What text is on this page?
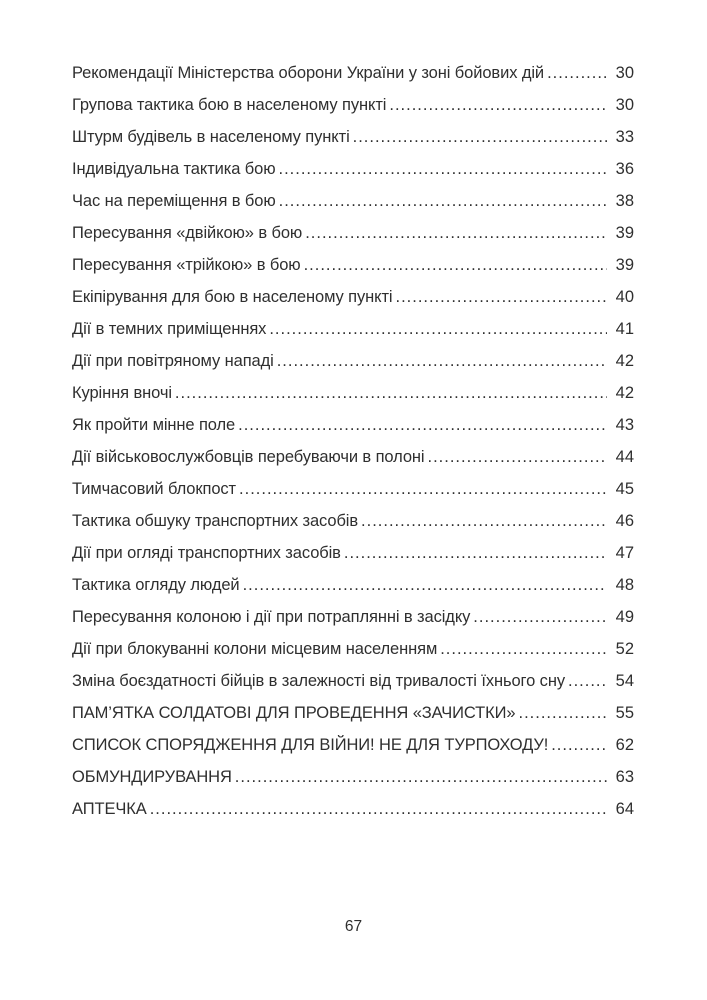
Рекомендації Міністерства оборони України у зоні бойових дій .....	30
Групова тактика бою в населеному пункті .....	30
Штурм будівель в населеному пункті .....	33
Індивідуальна тактика бою .....	36
Час на переміщення в бою .....	38
Пересування «двійкою» в бою .....	39
Пересування «трійкою» в бою .....	39
Екіпірування для бою в населеному пункті .....	40
Дії в темних приміщеннях .....	41
Дії при повітряному нападі .....	42
Куріння вночі .....	42
Як пройти мінне поле .....	43
Дії військовослужбовців перебуваючи в полоні .....	44
Тимчасовий блокпост .....	45
Тактика обшуку транспортних засобів .....	46
Дії при огляді транспортних засобів .....	47
Тактика огляду людей .....	48
Пересування колоною і дії при потраплянні в засідку .....	49
Дії при блокуванні колони місцевим населенням .....	52
Зміна боєздатності бійців в залежності від тривалості їхнього сну .....	54
ПАМ’ЯТКА СОЛДАТОВІ ДЛЯ ПРОВЕДЕННЯ «ЗАЧИСТКИ» .....	55
СПИСОК СПОРЯДЖЕННЯ ДЛЯ ВІЙНИ! НЕ ДЛЯ ТУРПОХОДУ! .....	62
ОБМУНДИРУВАННЯ .....	63
АПТЕЧКА .....	64
67
